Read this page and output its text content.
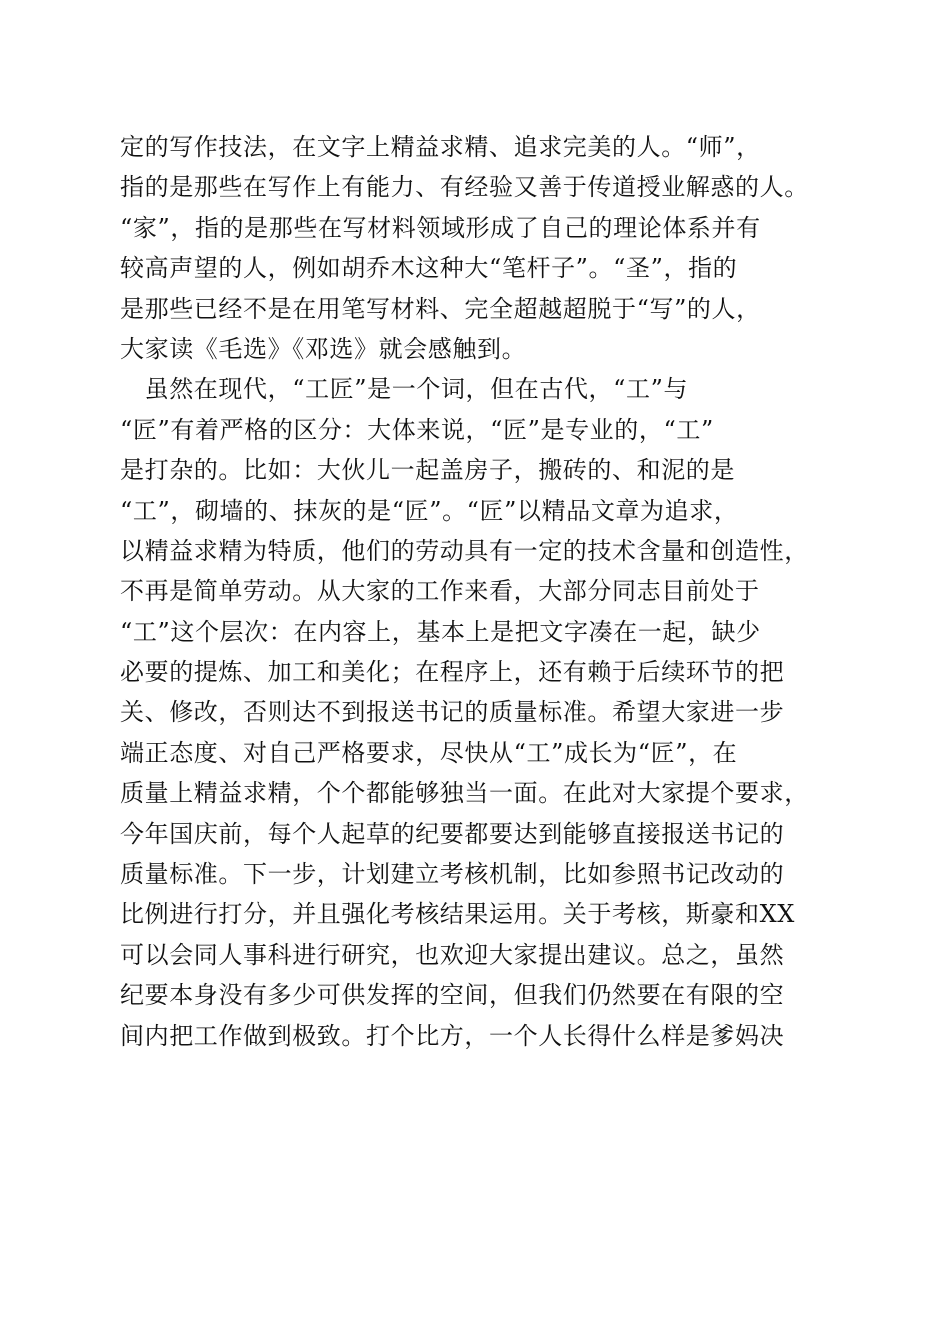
定的写作技法，在文字上精益求精、追求完美的人。“师”，
指的是那些在写作上有能力、有经验又善于传道授业解惑的人。
“家”，指的是那些在写材料领域形成了自己的理论体系并有
较高声望的人，例如胡乔木这种大“笔杆子”。“圣”，指的
是那些已经不是在用笔写材料、完全超越超脱于“写”的人，
大家读《毛选》《邓选》就会感触到。
　虽然在现代，“工匠”是一个词，但在古代，“工”与
“匠”有着严格的区分：大体来说，“匠”是专业的，“工”
是打杂的。比如：大伙儿一起盖房子，搬砖的、和泥的是
“工”，砌墙的、抹灰的是“匠”。“匠”以精品文章为追求，
以精益求精为特质，他们的劳动具有一定的技术含量和创造性，
不再是简单劳动。从大家的工作来看，大部分同志目前处于
“工”这个层次：在内容上，基本上是把文字凑在一起，缺少
必要的提炼、加工和美化；在程序上，还有赖于后续环节的把
关、修改，否则达不到报送书记的质量标准。希望大家进一步
端正态度、对自己严格要求，尽快从“工”成长为“匠”，在
质量上精益求精，个个都能够独当一面。在此对大家提个要求，
今年国庆前，每个人起草的纪要都要达到能够直接报送书记的
质量标准。下一步，计划建立考核机制，比如参照书记改动的
比例进行打分，并且强化考核结果运用。关于考核，斯豪和XX
可以会同人事科进行研究，也欢迎大家提出建议。总之，虽然
纪要本身没有多少可供发挥的空间，但我们仍然要在有限的空
间内把工作做到极致。打个比方，一个人长得什么样是爹妈决
